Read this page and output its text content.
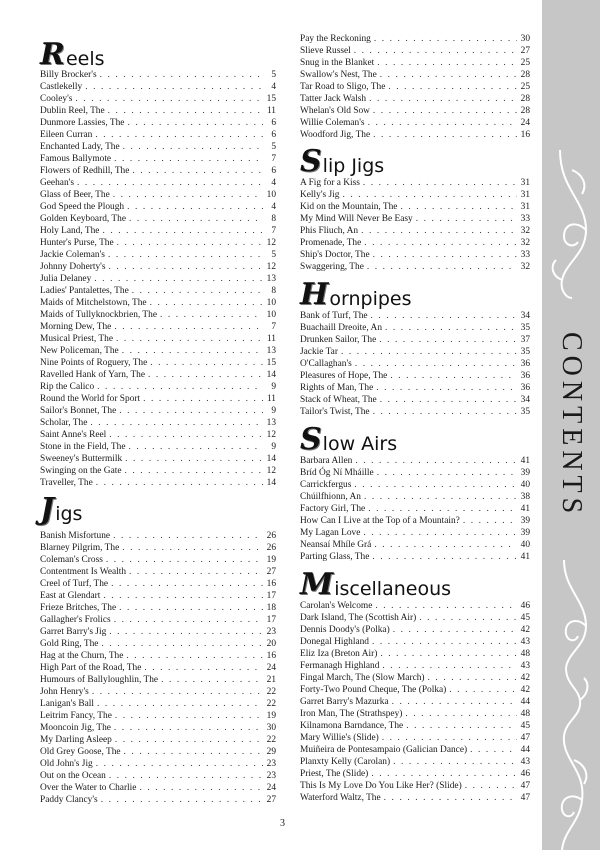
R eels
Billy Brocker's . . .	5
Castlekelly . . .	4
Cooley's . . .	15
Dublin Reel, The . . .	11
Dunmore Lassies, The . . .	6
Eileen Curran . . .	6
Enchanted Lady, The . . .	5
Famous Ballymote . . .	7
Flowers of Redhill, The . . .	6
Geehan's . . .	4
Glass of Beer, The . . .	10
God Speed the Plough . . .	4
Golden Keyboard, The . . .	8
Holy Land, The . . .	7
Hunter's Purse, The . . .	12
Jackie Coleman's . . .	5
Johnny Doherty's . . .	12
Julia Delaney . . .	13
Ladies' Pantalettes, The . . .	8
Maids of Mitchelstown, The . . .	10
Maids of Tullyknockbrien, The . . .	10
Morning Dew, The . . .	7
Musical Priest, The . . .	11
New Policeman, The . . .	13
Nine Points of Roguery, The . . .	15
Ravelled Hank of Yarn, The . . .	14
Rip the Calico . . .	9
Round the World for Sport . . .	11
Sailor's Bonnet, The . . .	9
Scholar, The . . .	13
Saint Anne's Reel . . .	12
Stone in the Field, The . . .	9
Sweeney's Buttermilk . . .	14
Swinging on the Gate . . .	12
Traveller, The . . .	14
J igs
Banish Misfortune . . .	26
Blarney Pilgrim, The . . .	26
Coleman's Cross . . .	19
Contentment Is Wealth . . .	27
Creel of Turf, The . . .	16
East at Glendart . . .	17
Frieze Britches, The . . .	18
Gallagher's Frolics . . .	17
Garret Barry's Jig . . .	23
Gold Ring, The . . .	20
Hag at the Churn, The . . .	16
High Part of the Road, The . . .	24
Humours of Ballyloughlin, The . . .	21
John Henry's . . .	22
Lanigan's Ball . . .	22
Leitrim Fancy, The . . .	19
Mooncoin Jig, The . . .	30
My Darling Asleep . . .	22
Old Grey Goose, The . . .	29
Old John's Jig . . .	23
Out on the Ocean . . .	23
Over the Water to Charlie . . .	24
Paddy Clancy's . . .	27
Pay the Reckoning . . .	30
Slieve Russel . . .	27
Snug in the Blanket . . .	25
Swallow's Nest, The . . .	28
Tar Road to Sligo, The . . .	25
Tatter Jack Walsh . . .	28
Whelan's Old Sow . . .	28
Willie Coleman's . . .	24
Woodford Jig, The . . .	16
S lip Jigs
A Fig for a Kiss . . .	31
Kelly's Jig . . .	31
Kid on the Mountain, The . . .	31
My Mind Will Never Be Easy . . .	33
Phis Fliuch, An . . .	32
Promenade, The . . .	32
Ship's Doctor, The . . .	33
Swaggering, The . . .	32
H ornpipes
Bank of Turf, The . . .	34
Buachaill Dreoite, An . . .	35
Drunken Sailor, The . . .	37
Jackie Tar . . .	35
O'Callaghan's . . .	36
Pleasures of Hope, The . . .	36
Rights of Man, The . . .	36
Stack of Wheat, The . . .	34
Tailor's Twist, The . . .	35
S low Airs
Barbara Allen . . .	41
Bríd Óg Ní Mháille . . .	39
Carrickfergus . . .	40
Chúilfhionn, An . . .	38
Factory Girl, The . . .	41
How Can I Live at the Top of a Mountain? . . .	39
My Lagan Love . . .	39
Neansaí Mhíle Grá . . .	40
Parting Glass, The . . .	41
M iscellaneous
Carolan's Welcome . . .	46
Dark Island, The (Scottish Air) . . .	45
Dennis Doody's (Polka) . . .	42
Donegal Highland . . .	43
Eliz Iza (Breton Air) . . .	48
Fermanagh Highland . . .	43
Fingal March, The (Slow March) . . .	42
Forty-Two Pound Cheque, The (Polka) . . .	42
Garret Barry's Mazurka . . .	44
Iron Man, The (Strathspey) . . .	48
Kilnamona Barndance, The . . .	45
Mary Willie's (Slide) . . .	47
Muiñeira de Pontesampaio (Galician Dance) . . .	44
Planxty Kelly (Carolan) . . .	43
Priest, The (Slide) . . .	46
This Is My Love Do You Like Her? (Slide) . . .	47
Waterford Waltz, The . . .	47
CONTENTS
3
